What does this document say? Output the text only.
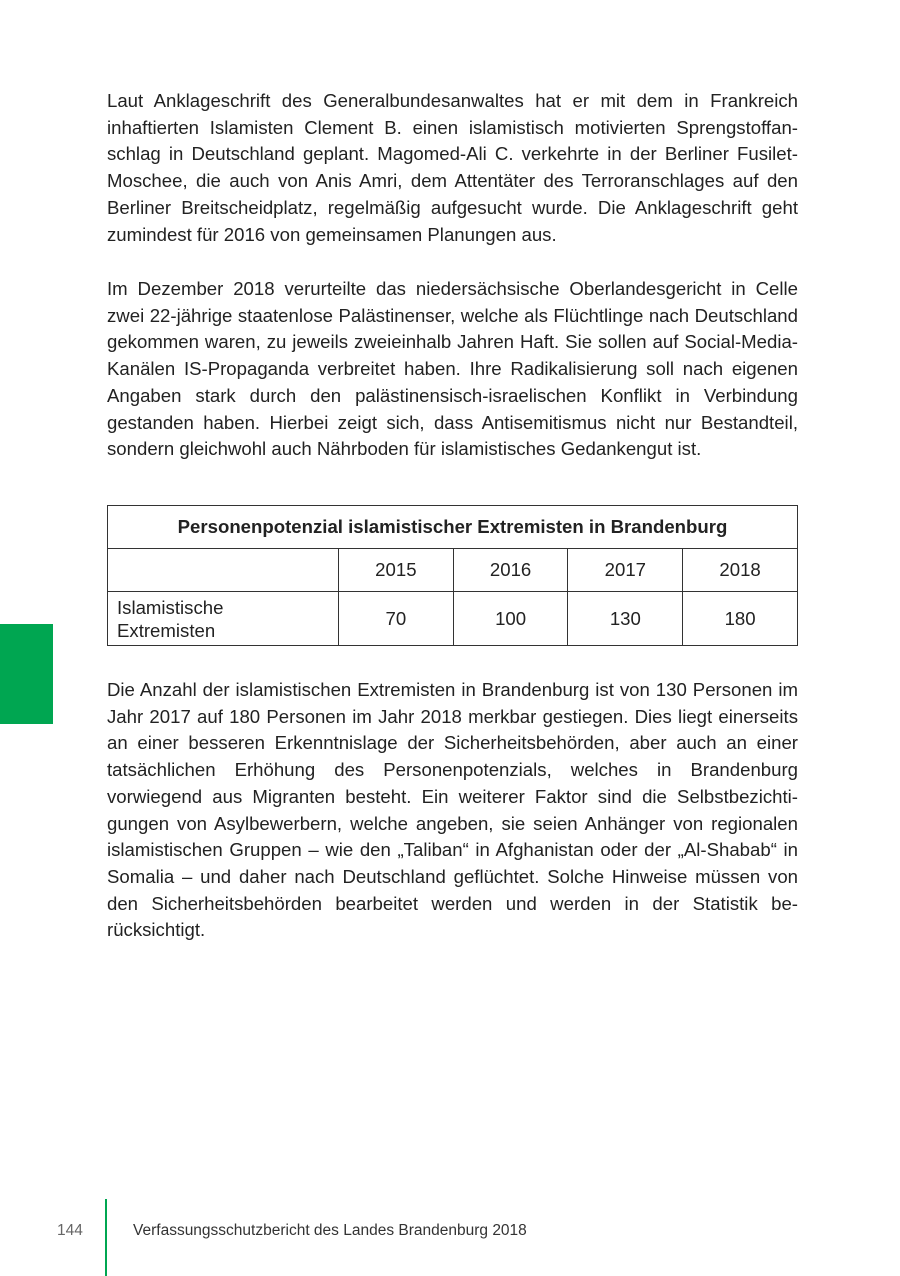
Laut Anklageschrift des Generalbundesanwaltes hat er mit dem in Frankreich inhaftierten Islamisten Clement B. einen islamistisch motivierten Sprengstoffanschlag in Deutschland geplant. Magomed-Ali C. verkehrte in der Berliner Fusilet-Moschee, die auch von Anis Amri, dem Attentäter des Terroranschlages auf den Berliner Breitscheidplatz, regelmäßig aufgesucht wurde. Die Anklageschrift geht zumindest für 2016 von gemeinsamen Planungen aus.

Im Dezember 2018 verurteilte das niedersächsische Oberlandesgericht in Celle zwei 22-jährige staatenlose Palästinenser, welche als Flüchtlinge nach Deutschland gekommen waren, zu jeweils zweieinhalb Jahren Haft. Sie sollen auf Social-Media-Kanälen IS-Propaganda verbreitet haben. Ihre Radikalisierung soll nach eigenen Angaben stark durch den palästinensisch-israelischen Konflikt in Verbindung gestanden haben. Hierbei zeigt sich, dass Antisemitismus nicht nur Bestandteil, sondern gleichwohl auch Nährboden für islamistisches Gedankengut ist.

Personenpotenzial islamistischer Extremisten in Brandenburg				
	2015	2016	2017	2018
Islamistische
Extremisten	70	100	130	180

Die Anzahl der islamistischen Extremisten in Brandenburg ist von 130 Personen im Jahr 2017 auf 180 Personen im Jahr 2018 merkbar gestiegen. Dies liegt einerseits an einer besseren Erkenntnislage der Sicherheitsbehörden, aber auch an einer tatsächlichen Erhöhung des Personenpotenzials, welches in Brandenburg vorwiegend aus Migranten besteht. Ein weiterer Faktor sind die Selbstbezichtigungen von Asylbewerbern, welche angeben, sie seien Anhänger von regionalen islamistischen Gruppen – wie den „Taliban“ in Afghanistan oder der „Al-Shabab“ in Somalia – und daher nach Deutschland geflüchtet. Solche Hinweise müssen von den Sicherheitsbehörden bearbeitet werden und werden in der Statistik berücksichtigt.

144	Verfassungsschutzbericht des Landes Brandenburg 2018
